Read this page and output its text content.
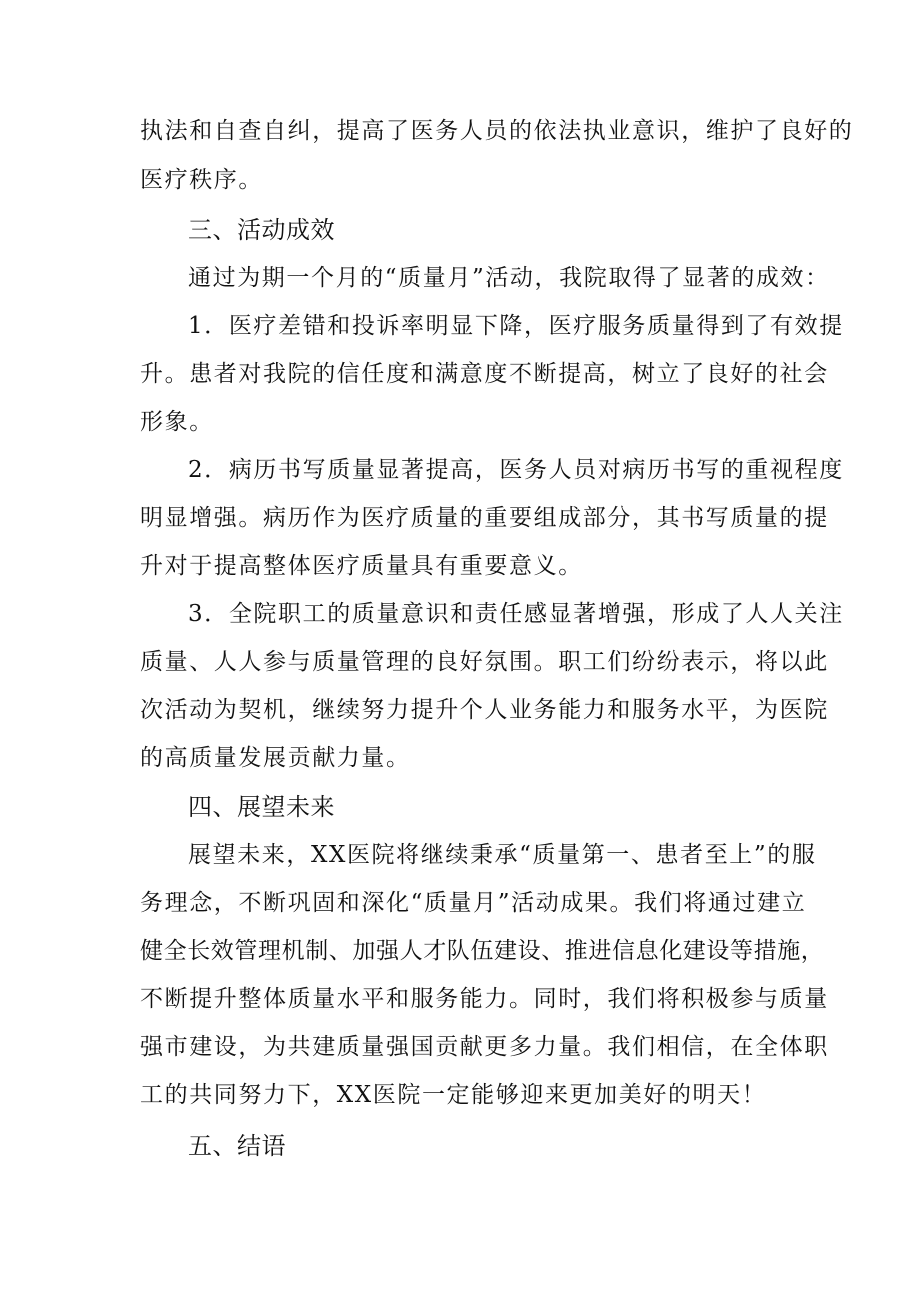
执法和自查自纠，提高了医务人员的依法执业意识，维护了良好的
医疗秩序。
三、活动成效
通过为期一个月的“质量月”活动，我院取得了显著的成效：
1．医疗差错和投诉率明显下降，医疗服务质量得到了有效提
升。患者对我院的信任度和满意度不断提高，树立了良好的社会
形象。
2．病历书写质量显著提高，医务人员对病历书写的重视程度
明显增强。病历作为医疗质量的重要组成部分，其书写质量的提
升对于提高整体医疗质量具有重要意义。
3．全院职工的质量意识和责任感显著增强，形成了人人关注
质量、人人参与质量管理的良好氛围。职工们纷纷表示，将以此
次活动为契机，继续努力提升个人业务能力和服务水平，为医院
的高质量发展贡献力量。
四、展望未来
展望未来，XX医院将继续秉承“质量第一、患者至上”的服
务理念，不断巩固和深化“质量月”活动成果。我们将通过建立
健全长效管理机制、加强人才队伍建设、推进信息化建设等措施，
不断提升整体质量水平和服务能力。同时，我们将积极参与质量
强市建设，为共建质量强国贡献更多力量。我们相信，在全体职
工的共同努力下，XX医院一定能够迎来更加美好的明天！
五、结语
